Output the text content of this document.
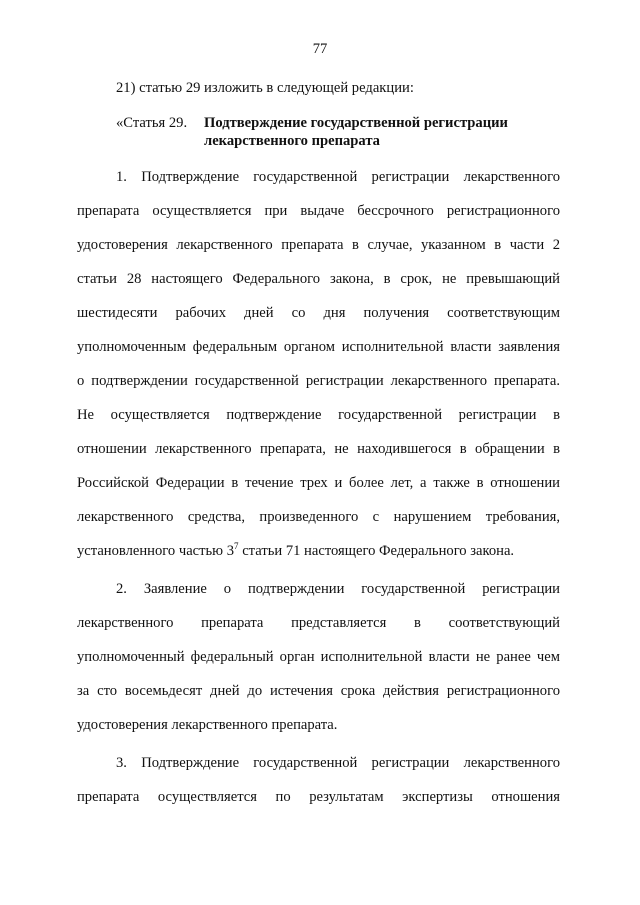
77
21) статью 29 изложить в следующей редакции:
«Статья 29. Подтверждение государственной регистрации
лекарственного препарата
1. Подтверждение государственной регистрации лекарственного
препарата осуществляется при выдаче бессрочного регистрационного
удостоверения лекарственного препарата в случае, указанном в части 2
статьи 28 настоящего Федерального закона, в срок, не превышающий
шестидесяти рабочих дней со дня получения соответствующим
уполномоченным федеральным органом исполнительной власти заявления
о подтверждении государственной регистрации лекарственного препарата.
Не осуществляется подтверждение государственной регистрации в
отношении лекарственного препарата, не находившегося в обращении в
Российской Федерации в течение трех и более лет, а также в отношении
лекарственного средства, произведенного с нарушением требования,
установленного частью $3^7$ статьи 71 настоящего Федерального закона.
2. Заявление о подтверждении государственной регистрации
лекарственного препарата представляется в соответствующий
уполномоченный федеральный орган исполнительной власти не ранее чем
за сто восемьдесят дней до истечения срока действия регистрационного
удостоверения лекарственного препарата.
3. Подтверждение государственной регистрации лекарственного
препарата осуществляется по результатам экспертизы отношения
